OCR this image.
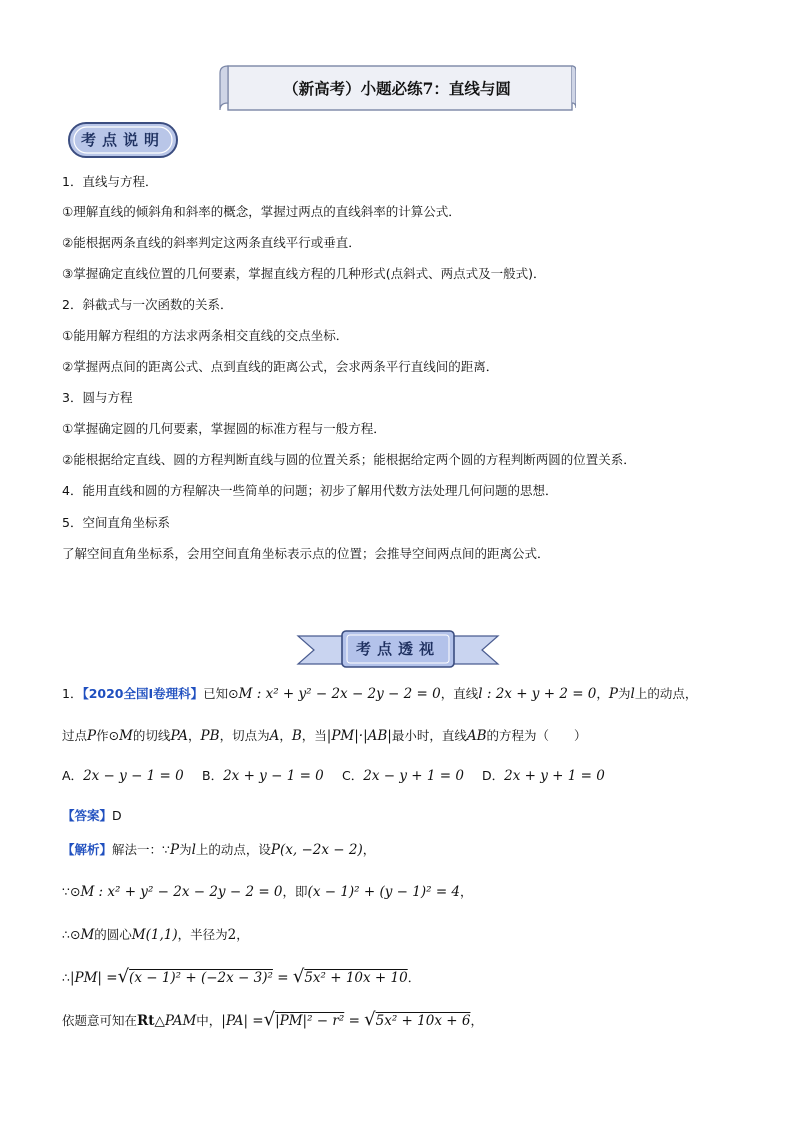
（新高考）小题必练7：直线与圆
考点说明
1．直线与方程．
①理解直线的倾斜角和斜率的概念，掌握过两点的直线斜率的计算公式．
②能根据两条直线的斜率判定这两条直线平行或垂直．
③掌握确定直线位置的几何要素，掌握直线方程的几种形式(点斜式、两点式及一般式)．
2．斜截式与一次函数的关系．
①能用解方程组的方法求两条相交直线的交点坐标．
②掌握两点间的距离公式、点到直线的距离公式，会求两条平行直线间的距离．
3．圆与方程
①掌握确定圆的几何要素，掌握圆的标准方程与一般方程．
②能根据给定直线、圆的方程判断直线与圆的位置关系；能根据给定两个圆的方程判断两圆的位置关系．
4．能用直线和圆的方程解决一些简单的问题；初步了解用代数方法处理几何问题的思想．
5．空间直角坐标系
了解空间直角坐标系，会用空间直角坐标表示点的位置；会推导空间两点间的距离公式．
考点透视
1．【2020全国Ⅰ卷理科】已知⊙M : x² + y² − 2x − 2y − 2 = 0，直线l : 2x + y + 2 = 0，P为l上的动点，
过点P作⊙M的切线PA，PB，切点为A，B，当|PM|·|AB|最小时，直线AB的方程为（　　）
A．2x − y − 1 = 0 B．2x + y − 1 = 0 C．2x − y + 1 = 0 D．2x + y + 1 = 0
【答案】D
【解析】解法一：∵P为l上的动点，设P(x, −2x − 2)，
∵⊙M : x² + y² − 2x − 2y − 2 = 0，即(x − 1)² + (y − 1)² = 4，
∴⊙M的圆心M(1,1)，半径为2，
∴|PM| =√(x − 1)² + (−2x − 3)² = √5x² + 10x + 10．
依题意可知在Rt△PAM中，|PA| =√|PM|² − r² = √5x² + 10x + 6，
